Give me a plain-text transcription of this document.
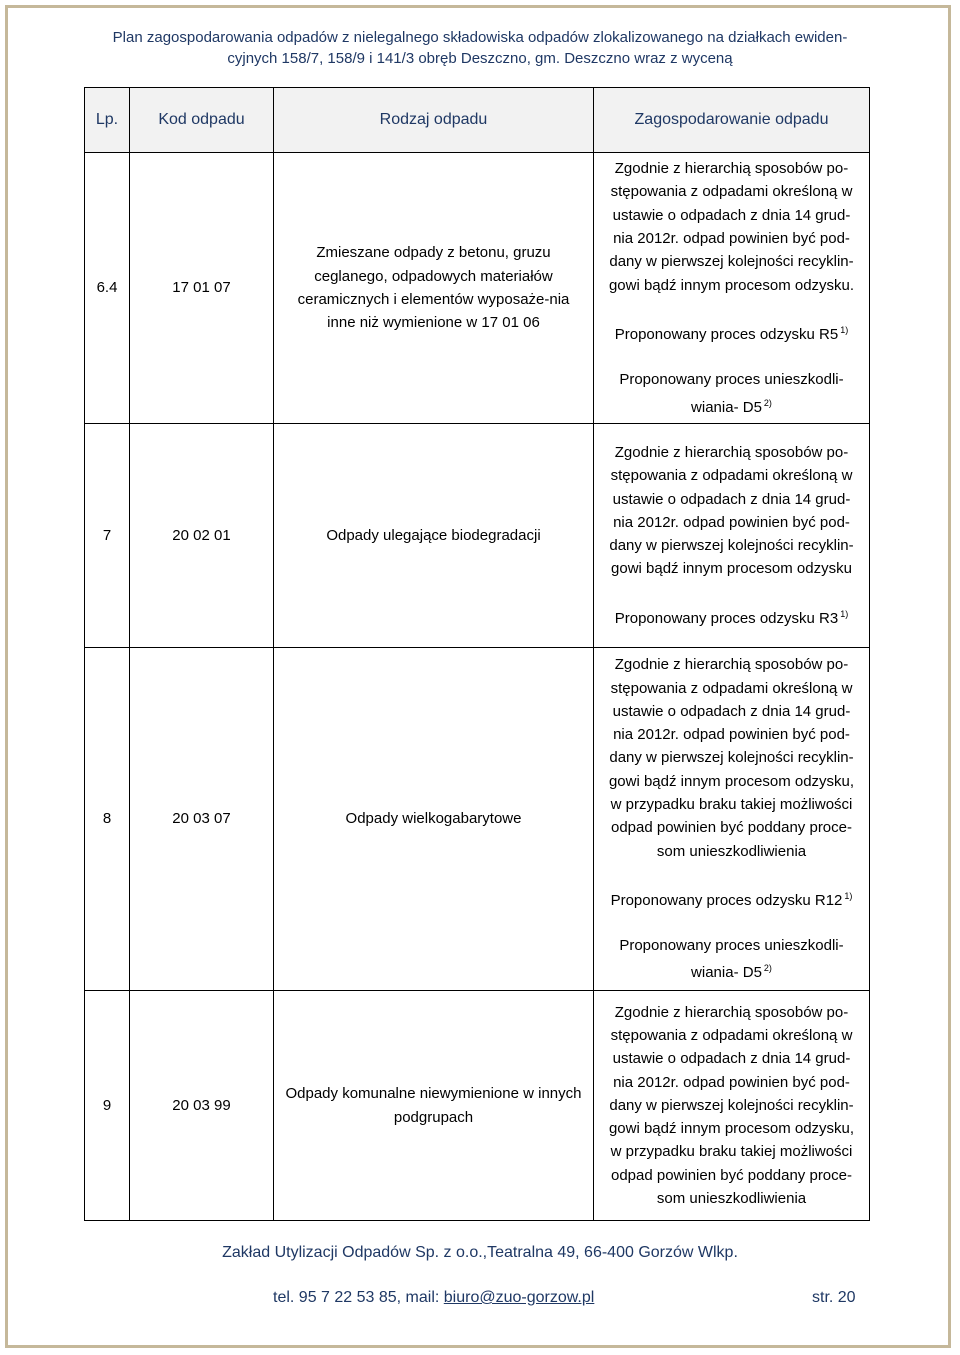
Plan zagospodarowania odpadów z nielegalnego składowiska odpadów zlokalizowanego na działkach ewiden-

cyjnych 158/7, 158/9 i 141/3 obręb Deszczno, gm. Deszczno wraz z wyceną

Lp.	Kod odpadu	Rodzaj odpadu	Zagospodarowanie odpadu
6.4	17 01 07	Zmieszane odpady z betonu, gruzu ceglanego, odpadowych materiałów ceramicznych i elementów wyposaże-nia inne niż wymienione w 17 01 06	Zgodnie z hierarchią sposobów po-stępowania z odpadami określoną w ustawie o odpadach z dnia 14 grud-nia 2012r. odpad powinien być pod-dany w pierwszej kolejności recyklin-gowi bądź innym procesom odzysku.
Proponowany proces odzysku R5 $^{1)}$
Proponowany proces unieszkodli-wiania- D5 $^{2)}$

7	20 02 01	Odpady ulegające biodegradacji	Zgodnie z hierarchią sposobów po-stępowania z odpadami określoną w ustawie o odpadach z dnia 14 grud-nia 2012r. odpad powinien być pod-dany w pierwszej kolejności recyklin-gowi bądź innym procesom odzysku
Proponowany proces odzysku R3 $^{1)}$

8	20 03 07	Odpady wielkogabarytowe	Zgodnie z hierarchią sposobów po-stępowania z odpadami określoną w ustawie o odpadach z dnia 14 grud-nia 2012r. odpad powinien być pod-dany w pierwszej kolejności recyklin-gowi bądź innym procesom odzysku, w przypadku braku takiej możliwości odpad powinien być poddany proce-som unieszkodliwienia
Proponowany proces odzysku R12 $^{1)}$
Proponowany proces unieszkodli-wiania- D5 $^{2)}$

9	20 03 99	Odpady komunalne niewymienione w innych podgrupach	Zgodnie z hierarchią sposobów po-stępowania z odpadami określoną w ustawie o odpadach z dnia 14 grud-nia 2012r. odpad powinien być pod-dany w pierwszej kolejności recyklin-gowi bądź innym procesom odzysku, w przypadku braku takiej możliwości odpad powinien być poddany proce-som unieszkodliwienia
Zakład Utylizacji Odpadów Sp. z o.o.,Teatralna 49, 66-400 Gorzów Wlkp.
tel. 95 7 22 53 85, mail: biuro@zuo-gorzow.pl	str. 20
